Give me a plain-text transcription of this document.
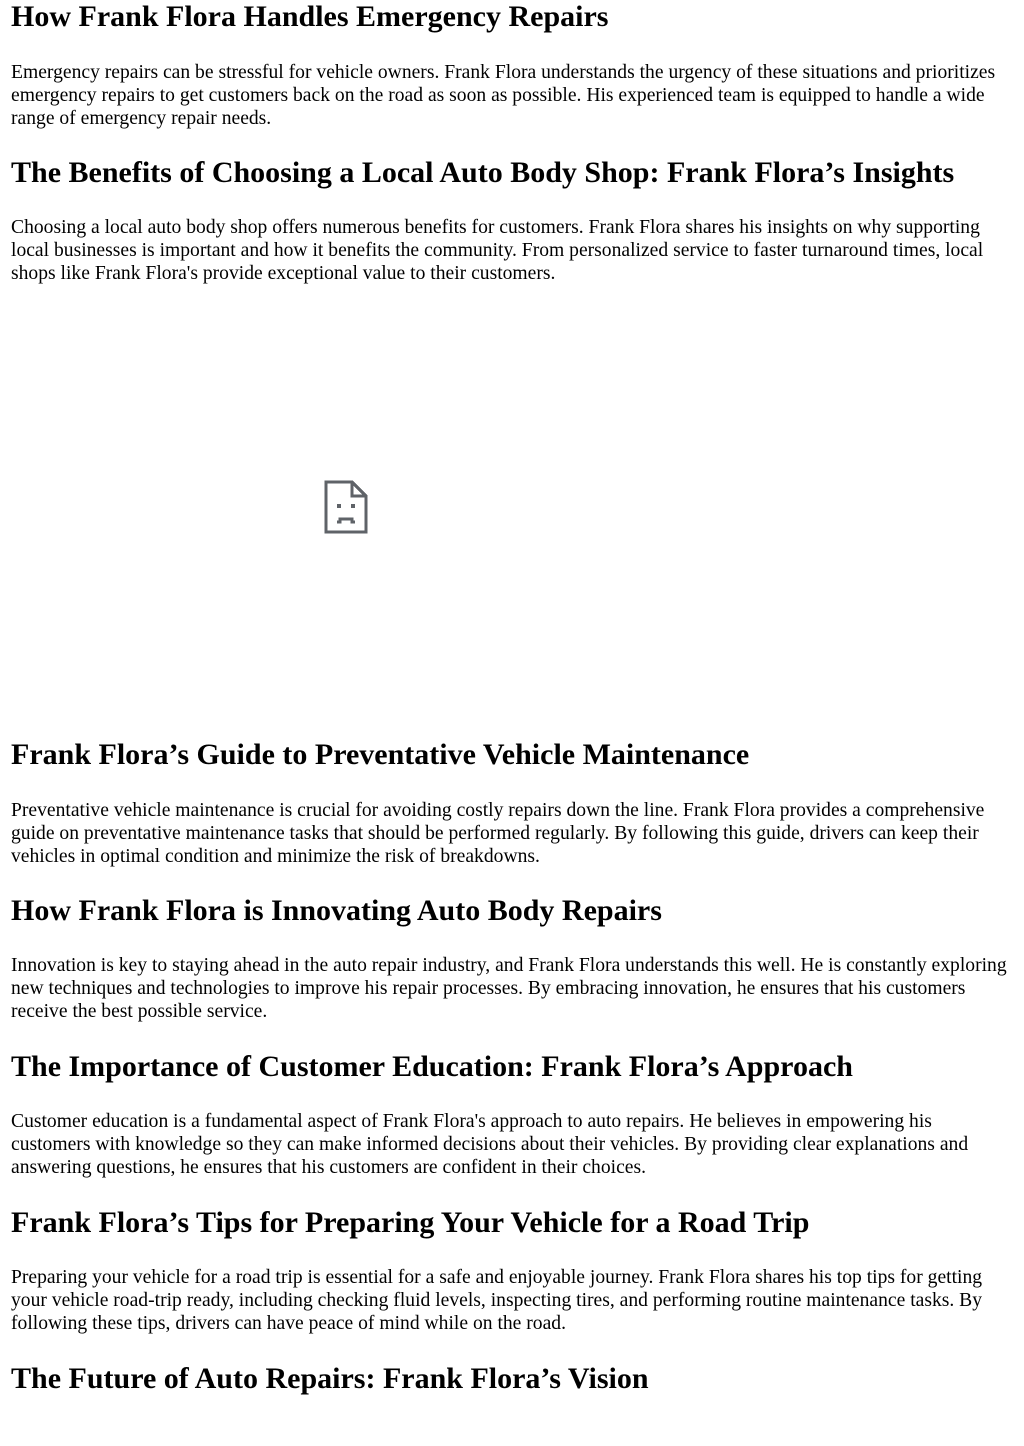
How Frank Flora Handles Emergency Repairs

Emergency repairs can be stressful for vehicle owners. Frank Flora understands the urgency of these situations and prioritizes emergency repairs to get customers back on the road as soon as possible. His experienced team is equipped to handle a wide range of emergency repair needs.

The Benefits of Choosing a Local Auto Body Shop: Frank Flora’s Insights

Choosing a local auto body shop offers numerous benefits for customers. Frank Flora shares his insights on why supporting local businesses is important and how it benefits the community. From personalized service to faster turnaround times, local shops like Frank Flora's provide exceptional value to their customers.

Frank Flora’s Guide to Preventative Vehicle Maintenance

Preventative vehicle maintenance is crucial for avoiding costly repairs down the line. Frank Flora provides a comprehensive guide on preventative maintenance tasks that should be performed regularly. By following this guide, drivers can keep their vehicles in optimal condition and minimize the risk of breakdowns.

How Frank Flora is Innovating Auto Body Repairs

Innovation is key to staying ahead in the auto repair industry, and Frank Flora understands this well. He is constantly exploring new techniques and technologies to improve his repair processes. By embracing innovation, he ensures that his customers receive the best possible service.

The Importance of Customer Education: Frank Flora’s Approach

Customer education is a fundamental aspect of Frank Flora's approach to auto repairs. He believes in empowering his customers with knowledge so they can make informed decisions about their vehicles. By providing clear explanations and answering questions, he ensures that his customers are confident in their choices.

Frank Flora’s Tips for Preparing Your Vehicle for a Road Trip

Preparing your vehicle for a road trip is essential for a safe and enjoyable journey. Frank Flora shares his top tips for getting your vehicle road-trip ready, including checking fluid levels, inspecting tires, and performing routine maintenance tasks. By following these tips, drivers can have peace of mind while on the road.

The Future of Auto Repairs: Frank Flora’s Vision
